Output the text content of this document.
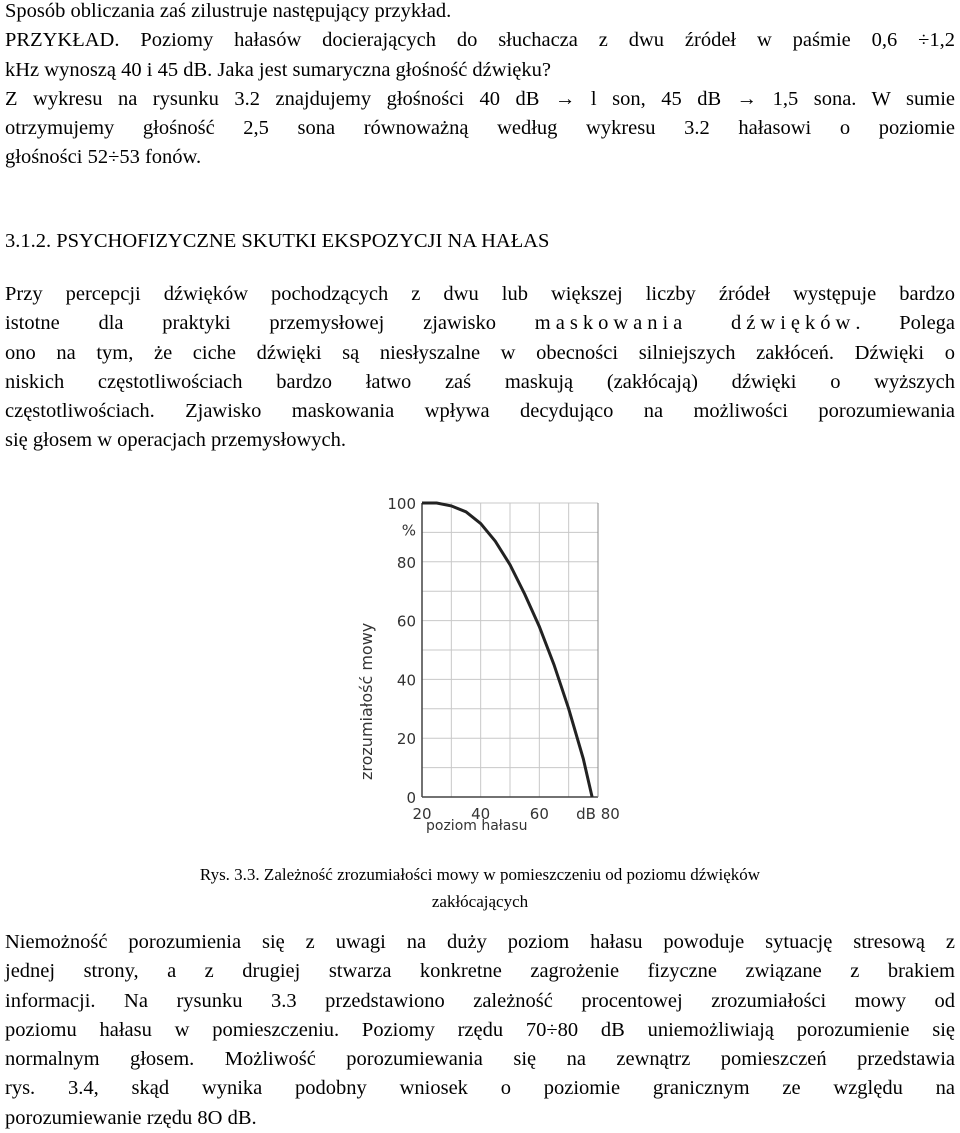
Sposób obliczania zaś zilustruje następujący przykład.
PRZYKŁAD. Poziomy hałasów docierających do słuchacza z dwu źródeł w paśmie 0,6 ÷1,2
kHz wynoszą 40 i 45 dB. Jaka jest sumaryczna głośność dźwięku?
Z wykresu na rysunku 3.2 znajdujemy głośności 40 dB → l son, 45 dB → 1,5 sona. W sumie
otrzymujemy głośność 2,5 sona równoważną według wykresu 3.2 hałasowi o poziomie
głośności 52÷53 fonów.
3.1.2. PSYCHOFIZYCZNE SKUTKI EKSPOZYCJI NA HAŁAS
Przy percepcji dźwięków pochodzących z dwu lub większej liczby źródeł występuje bardzo
istotne dla praktyki przemysłowej zjawisko maskowania dźwięków. Polega
ono na tym, że ciche dźwięki są niesłyszalne w obecności silniejszych zakłóceń. Dźwięki o
niskich częstotliwościach bardzo łatwo zaś maskują (zakłócają) dźwięki o wyższych
częstotliwościach. Zjawisko maskowania wpływa decydująco na możliwości porozumiewania
się głosem w operacjach przemysłowych.
100
%
80
60
40
20
0
20	40	60 dB 80
zrozumiałość mowy
poziom hałasu
Rys. 3.3. Zależność zrozumiałości mowy w pomieszczeniu od poziomu dźwięków
zakłócających
Niemożność porozumienia się z uwagi na duży poziom hałasu powoduje sytuację stresową z
jednej strony, a z drugiej stwarza konkretne zagrożenie fizyczne związane z brakiem
informacji. Na rysunku 3.3 przedstawiono zależność procentowej zrozumiałości mowy od
poziomu hałasu w pomieszczeniu. Poziomy rzędu 70÷80 dB uniemożliwiają porozumienie się
normalnym głosem. Możliwość porozumiewania się na zewnątrz pomieszczeń przedstawia
rys. 3.4, skąd wynika podobny wniosek o poziomie granicznym ze względu na
porozumiewanie rzędu 8O dB.
